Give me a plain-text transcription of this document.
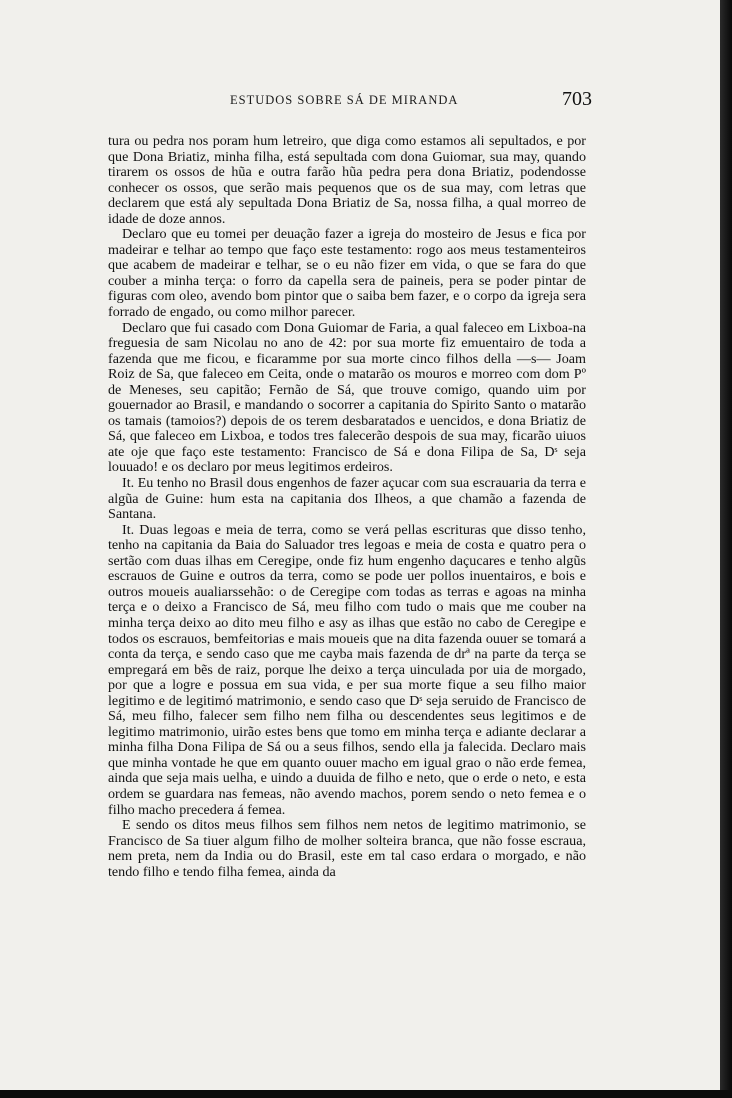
ESTUDOS SOBRE SÁ DE MIRANDA	703

tura ou pedra nos poram hum letreiro, que diga como estamos ali sepultados, e por que Dona Briatiz, minha filha, está sepultada com dona Guiomar, sua may, quando tirarem os ossos de hũa e outra farão hũa pedra pera dona Briatiz, podendosse conhecer os ossos, que serão mais pequenos que os de sua may, com letras que declarem que está aly sepultada Dona Briatiz de Sa, nossa filha, a qual morreo de idade de doze annos.

Declaro que eu tomei per deuação fazer a igreja do mosteiro de Jesus e fica por madeirar e telhar ao tempo que faço este testamento: rogo aos meus testamenteiros que acabem de madeirar e telhar, se o eu não fizer em vida, o que se fara do que couber a minha terça: o forro da capella sera de paineis, pera se poder pintar de figuras com oleo, avendo bom pintor que o saiba bem fazer, e o corpo da igreja sera forrado de engado, ou como milhor parecer.

Declaro que fui casado com Dona Guiomar de Faria, a qual faleceo em Lixboa-na freguesia de sam Nicolau no ano de 42: por sua morte fiz emuentairo de toda a fazenda que me ficou, e ficaramme por sua morte cinco filhos della —s— Joam Roiz de Sa, que faleceo em Ceita, onde o matarão os mouros e morreo com dom Pº de Meneses, seu capitão; Fernão de Sá, que trouve comigo, quando uim por gouernador ao Brasil, e mandando o socorrer a capitania do Spirito Santo o matarão os tamais (tamoios?) depois de os terem desbaratados e uencidos, e dona Briatiz de Sá, que faleceo em Lixboa, e todos tres falecerão despois de sua may, ficarão uiuos ate oje que faço este testamento: Francisco de Sá e dona Filipa de Sa, Dˢ seja louuado! e os declaro por meus legitimos erdeiros.

It. Eu tenho no Brasil dous engenhos de fazer açucar com sua escrauaria da terra e algũa de Guine: hum esta na capitania dos Ilheos, a que chamão a fazenda de Santana.

It. Duas legoas e meia de terra, como se verá pellas escrituras que disso tenho, tenho na capitania da Baia do Saluador tres legoas e meia de costa e quatro pera o sertão com duas ilhas em Ceregipe, onde fiz hum engenho daçucares e tenho algũs escrauos de Guine e outros da terra, como se pode uer pollos inuentairos, e bois e outros moueis aualiarssehão: o de Ceregipe com todas as terras e agoas na minha terça e o deixo a Francisco de Sá, meu filho com tudo o mais que me couber na minha terça deixo ao dito meu filho e asy as ilhas que estão no cabo de Ceregipe e todos os escrauos, bemfeitorias e mais moueis que na dita fazenda ouuer se tomará a conta da terça, e sendo caso que me cayba mais fazenda de drª na parte da terça se empregará em bẽs de raiz, porque lhe deixo a terça uinculada por uia de morgado, por que a logre e possua em sua vida, e per sua morte fique a seu filho maior legitimo e de legitimó matrimonio, e sendo caso que Dˢ seja seruido de Francisco de Sá, meu filho, falecer sem filho nem filha ou descendentes seus legitimos e de legitimo matrimonio, uirão estes bens que tomo em minha terça e adiante declarar a minha filha Dona Filipa de Sá ou a seus filhos, sendo ella ja falecida. Declaro mais que minha vontade he que em quanto ouuer macho em igual grao o não erde femea, ainda que seja mais uelha, e uindo a duuida de filho e neto, que o erde o neto, e esta ordem se guardara nas femeas, não avendo machos, porem sendo o neto femea e o filho macho precedera á femea.

E sendo os ditos meus filhos sem filhos nem netos de legitimo matrimonio, se Francisco de Sa tiuer algum filho de molher solteira branca, que não fosse escraua, nem preta, nem da India ou do Brasil, este em tal caso erdara o morgado, e não tendo filho e tendo filha femea, ainda da
